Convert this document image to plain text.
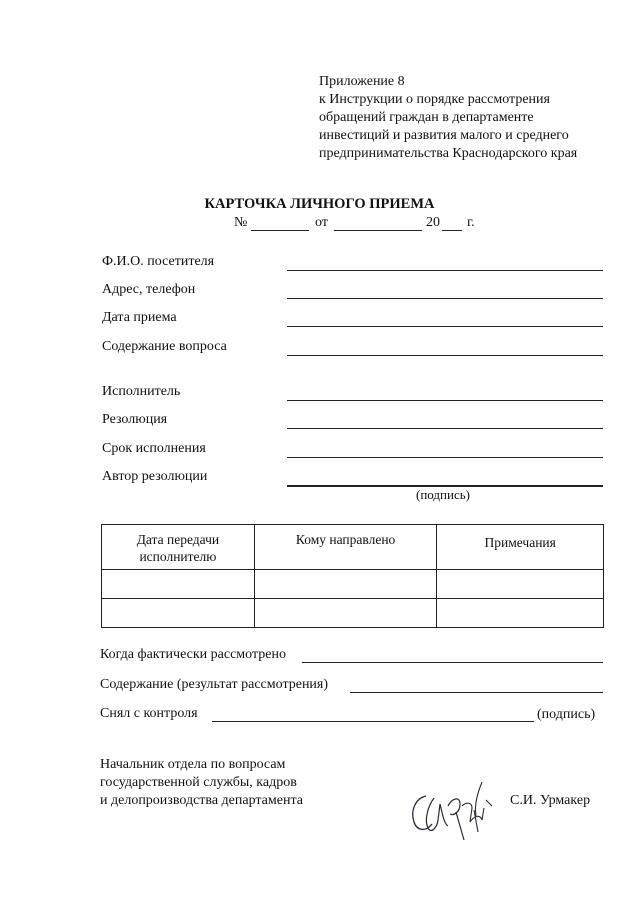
Приложение 8
к Инструкции о порядке рассмотрения
обращений граждан в департаменте
инвестиций и развития малого и среднего
предпринимательства Краснодарского края
КАРТОЧКА ЛИЧНОГО ПРИЕМА
№	от	20 г.
Ф.И.О. посетителя
Адрес, телефон
Дата приема
Содержание вопроса
Исполнитель
Резолюция
Срок исполнения
Автор резолюции
(подпись)
Дата передачи исполнителю	Кому направлено	Примечания

Когда фактически рассмотрено
Содержание (результат рассмотрения)
Снял с контроля	(подпись)
Начальник отдела по вопросам
государственной службы, кадров
и делопроизводства департамента	С.И. Урмакер
